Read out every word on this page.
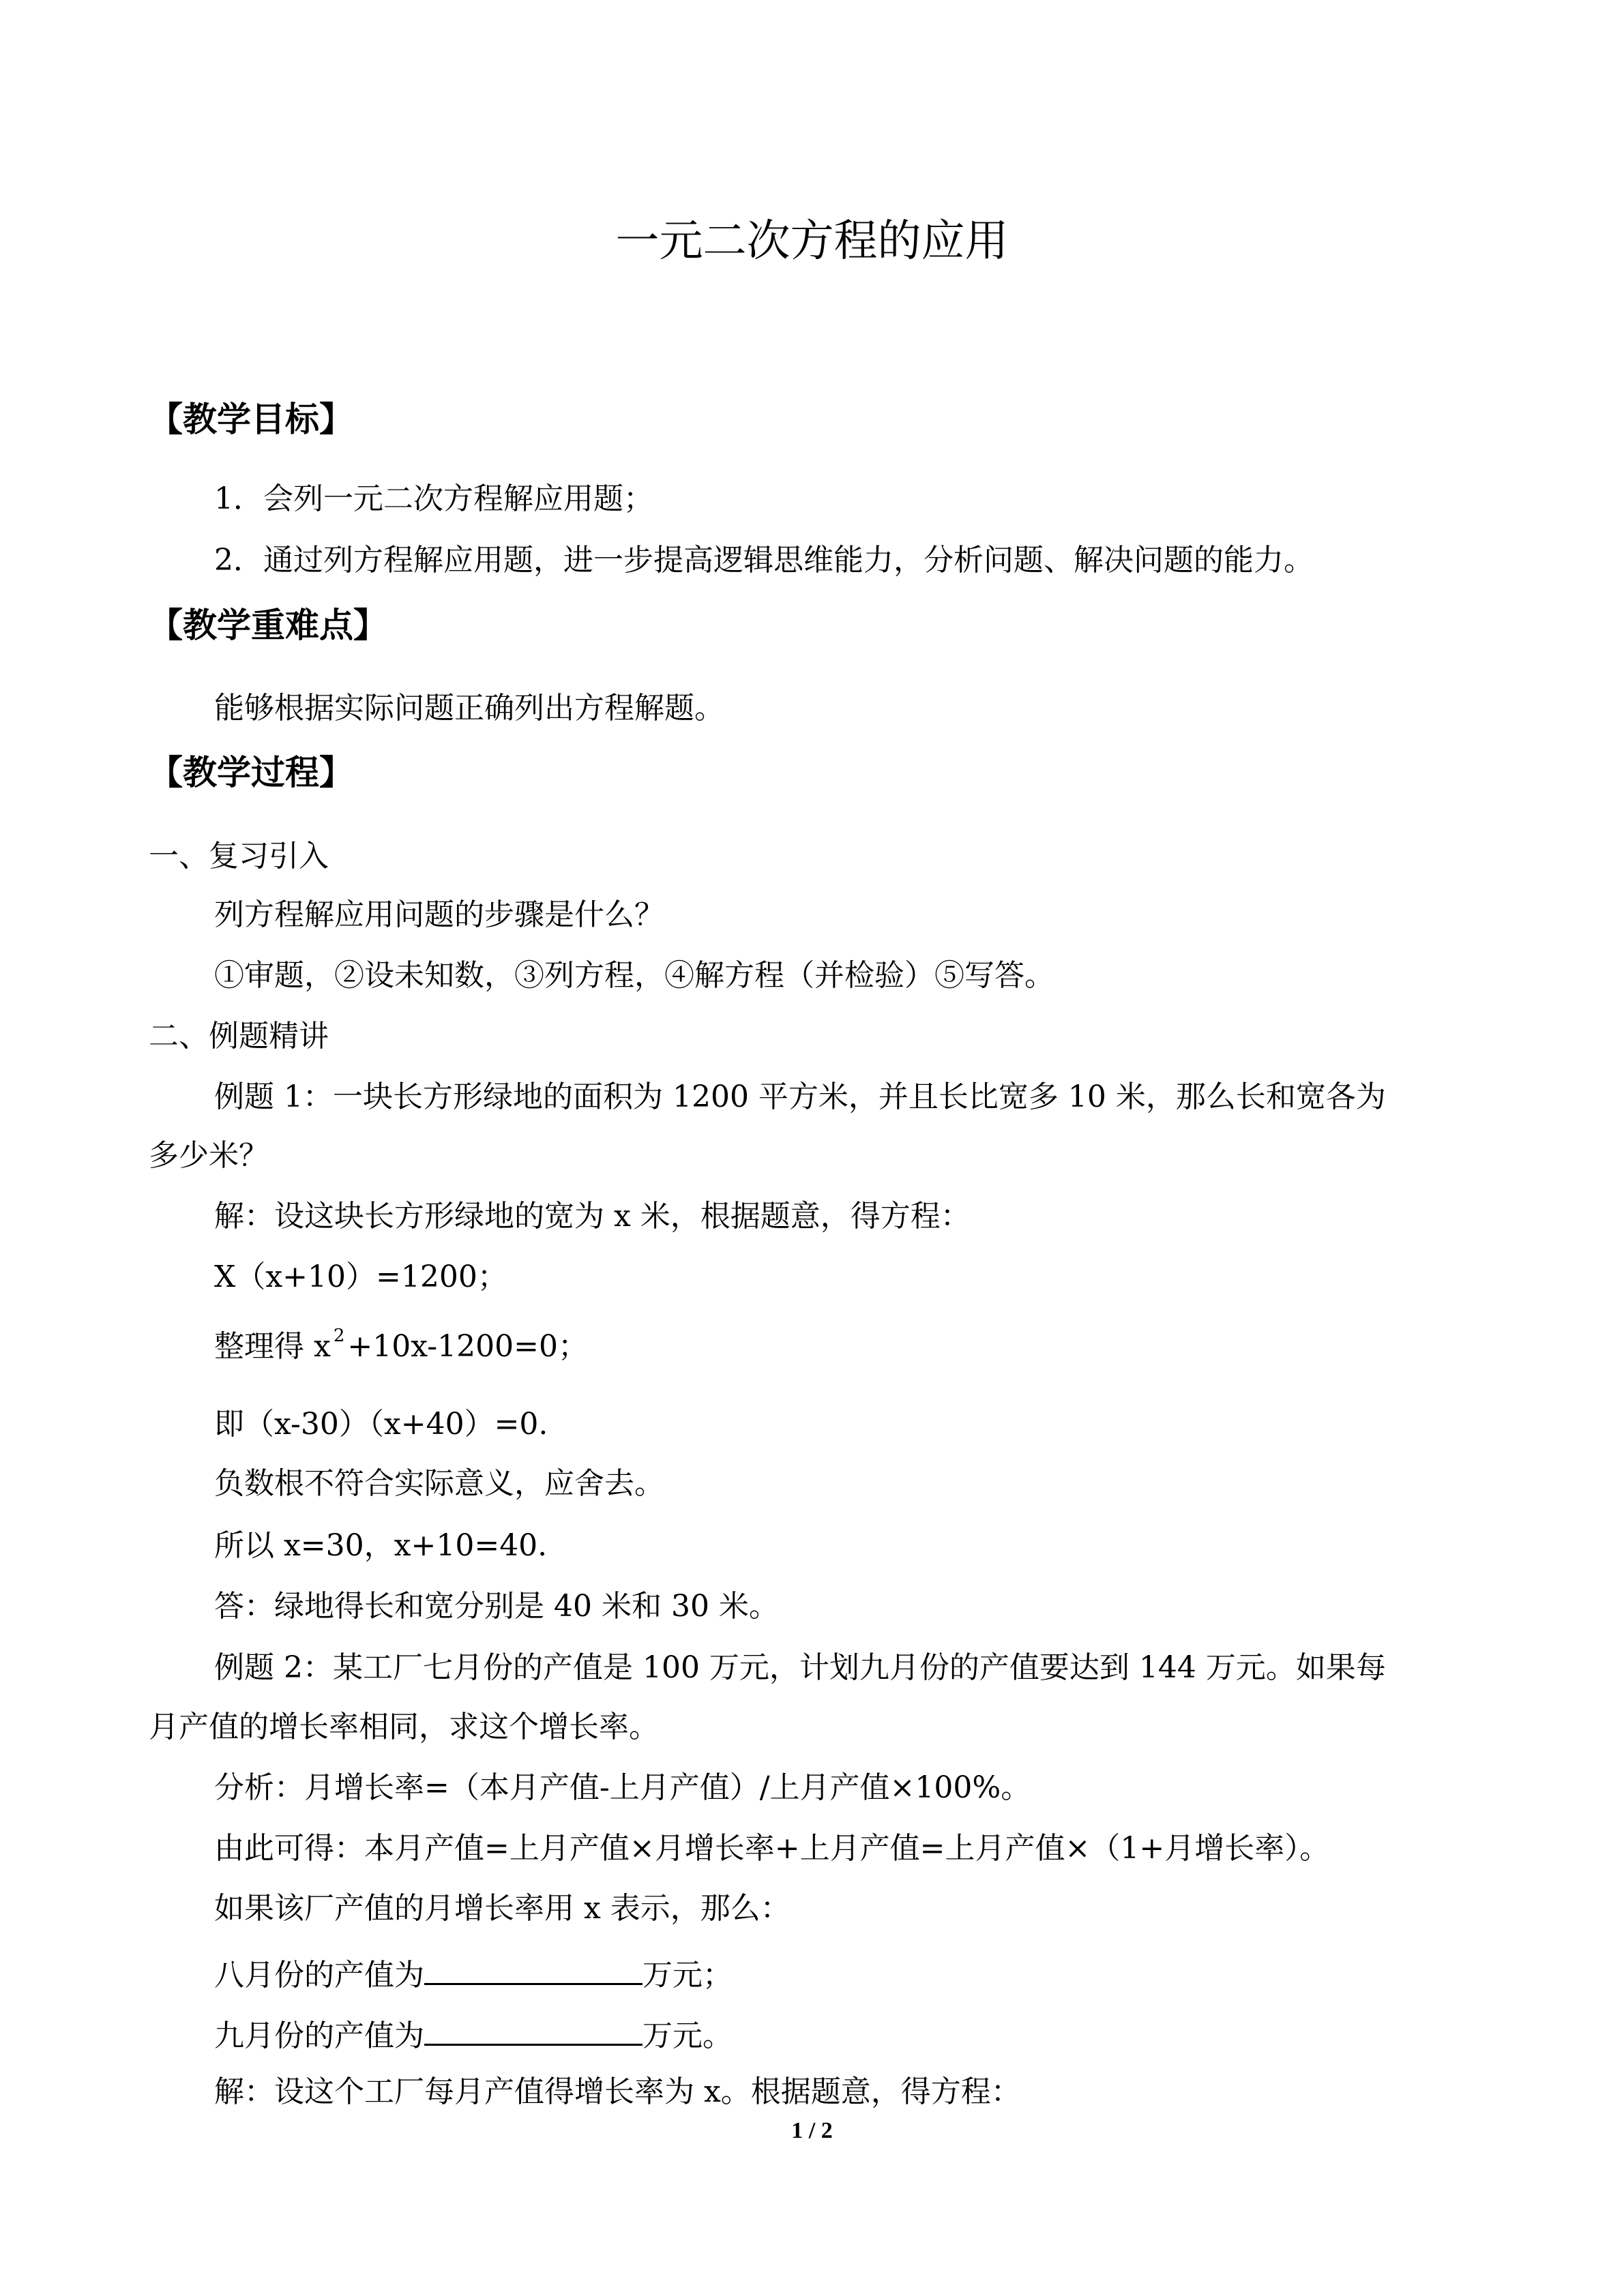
一元二次方程的应用
【教学目标】
1．会列一元二次方程解应用题；
2．通过列方程解应用题，进一步提高逻辑思维能力，分析问题、解决问题的能力。
【教学重难点】
能够根据实际问题正确列出方程解题。
【教学过程】
一、复习引入
列方程解应用问题的步骤是什么？
①审题，②设未知数，③列方程，④解方程（并检验）⑤写答。
二、例题精讲
例题 1：一块长方形绿地的面积为 1200 平方米，并且长比宽多 10 米，那么长和宽各为
多少米？
解：设这块长方形绿地的宽为 x 米，根据题意，得方程：
X（x+10）=1200；
整理得 x $^2$+10x-1200=0；
即（x-30）（x+40）=0.
负数根不符合实际意义，应舍去。
所以 x=30，x+10=40.
答：绿地得长和宽分别是 40 米和 30 米。
例题 2：某工厂七月份的产值是 100 万元，计划九月份的产值要达到 144 万元。如果每
月产值的增长率相同，求这个增长率。
分析：月增长率=（本月产值-上月产值）/上月产值×100%。
由此可得：本月产值=上月产值×月增长率+上月产值=上月产值×（1+月增长率）。
如果该厂产值的月增长率用 x 表示，那么：
八月份的产值为	万元；
九月份的产值为	万元。
解：设这个工厂每月产值得增长率为 x。根据题意，得方程：
1 / 2
